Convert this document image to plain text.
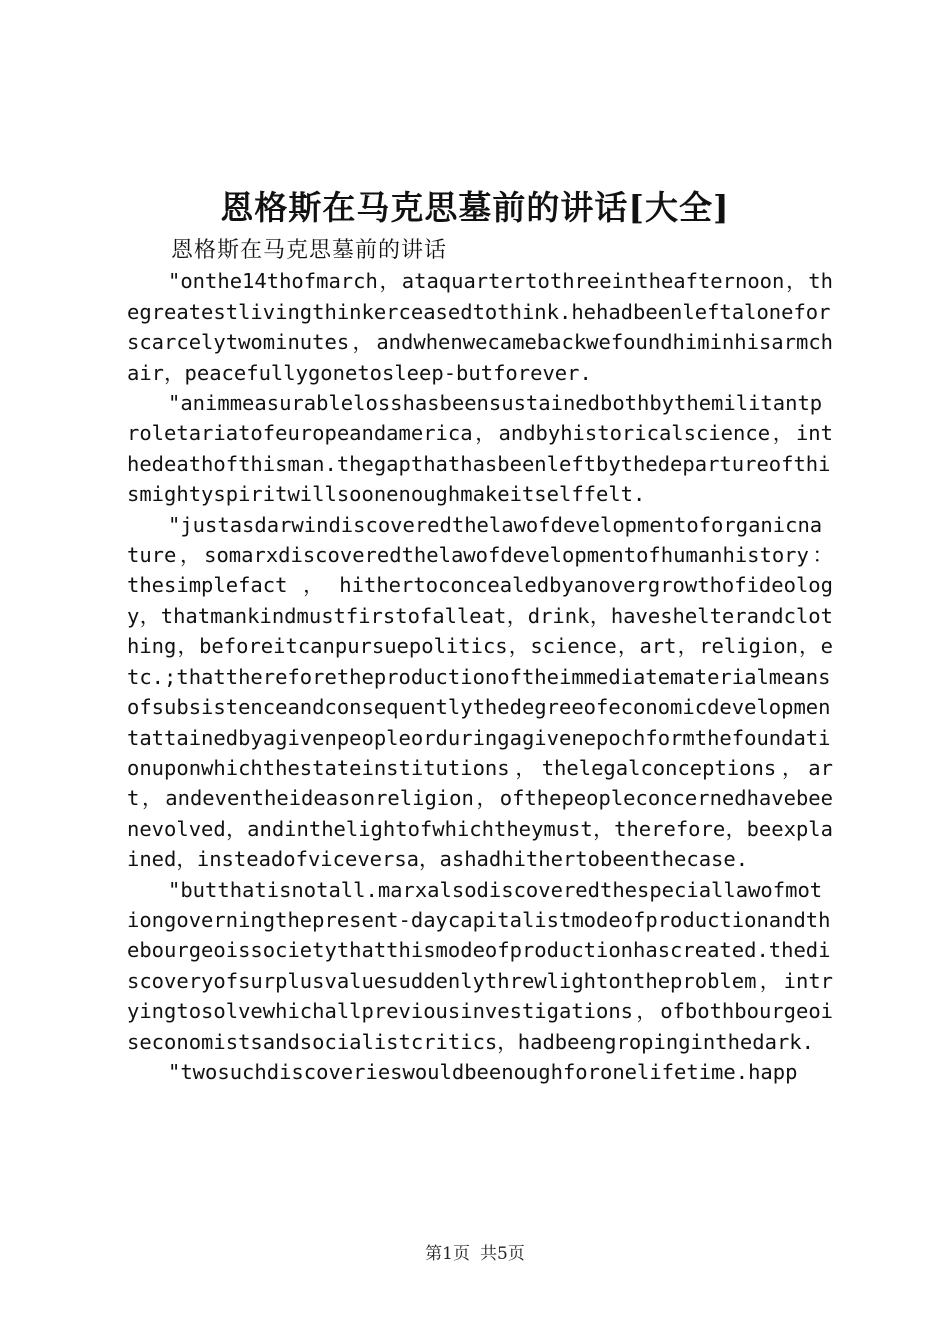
恩格斯在马克思墓前的讲话[大全]

恩格斯在马克思墓前的讲话

"onthe14thofmarch，ataquartertothreeintheafternoon，thegreatestlivingthinkerceasedtothink.hehadbeenleftaloneforscarcelytwominutes，andwhenwecamebackwefoundhiminhisarmchair，peacefullygonetosleep-butforever.

"animmeasurablelosshasbeensustainedbothbythemilitantproletariatofeuropeandamerica，andbyhistoricalscience，inthedeathofthisman.thegapthathasbeenleftbythedepartureofthismightyspiritwillsoonenoughmakeitselffelt.

"justasdarwindiscoveredthelawofdevelopmentoforganicnature，somarxdiscoveredthelawofdevelopmentofhumanhistory：thesimplefact，hithertoconcealedbyanovergrowthofideology，thatmankindmustfirstofalleat，drink，haveshelterandclothing，beforeitcanpursuepolitics，science，art，religion，etc.;thatthereforetheproductionoftheimmediatematerialmeansofsubsistenceandconsequentlythedegreeofeconomicdevelopmentattainedbyagivenpeopleorduringagivenepochformthefoundationuponwhichthestateinstitutions，thelegalconceptions，art，andeventheideasonreligion，ofthepeopleconcernedhavebeenevolved，andinthelightofwhichtheymust，therefore，beexplained，insteadofviceversa，ashadhithertobeenthecase.

"butthatisnotall.marxalsodiscoveredthespeciallawofmotiongoverningthepresent-daycapitalistmodeofproductionandthebourgeoissocietythatthismodeofproductionhascreated.thediscoveryofsurplusvaluesuddenlythrewlightontheproblem，intryingtosolvewhichallpreviousinvestigations，ofbothbourgeoiseconomistsandsocialistcritics，hadbeengropinginthedark.

"twosuchdiscoverieswouldbeenoughforonelifetime.happ

第1页 共5页
